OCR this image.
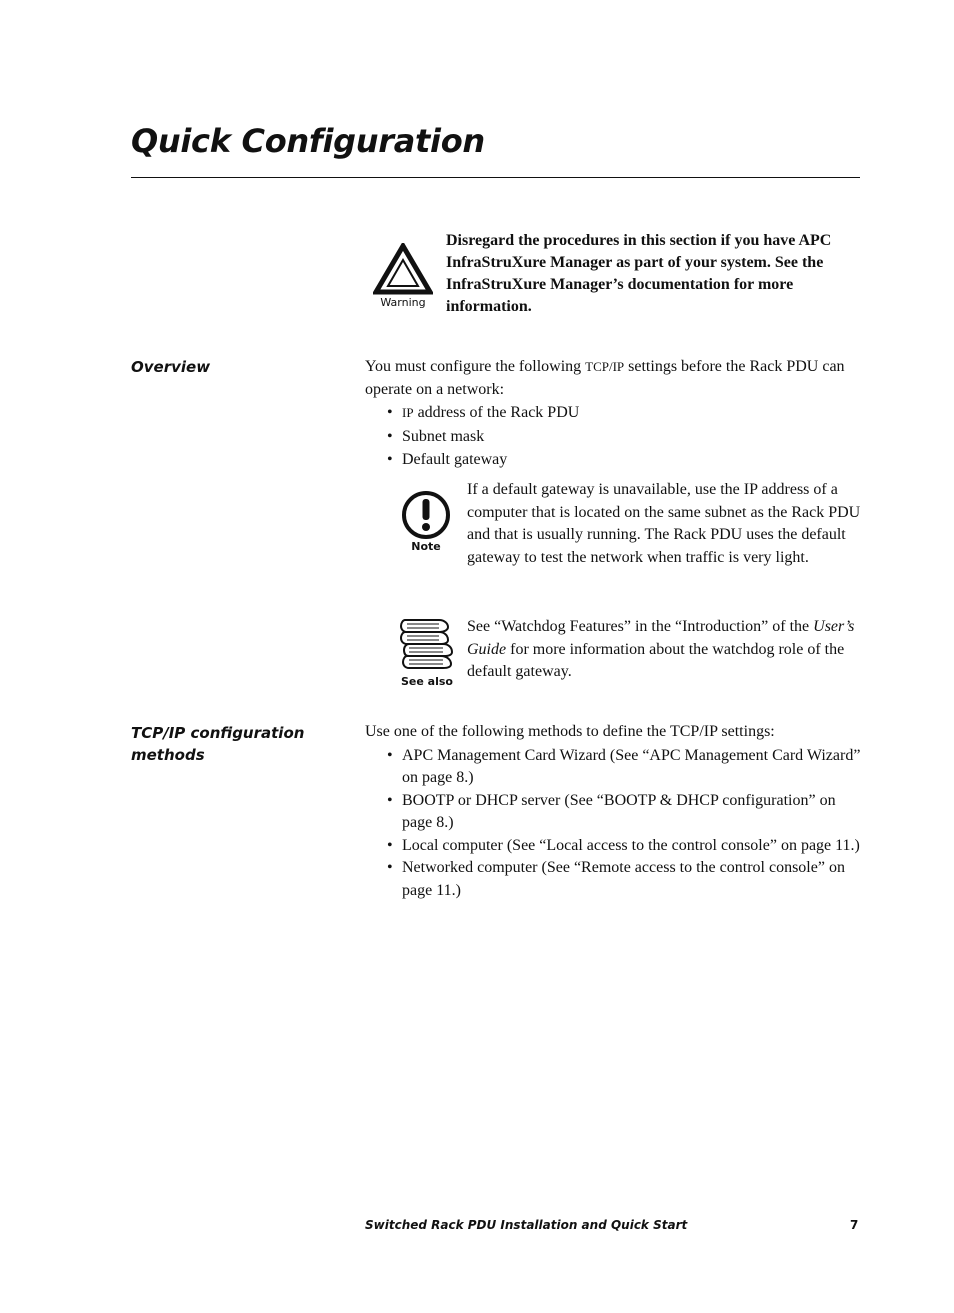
Quick Configuration
Warning
Disregard the procedures in this section if you have APC InfraStruXure Manager as part of your system. See the InfraStruXure Manager’s documentation for more information.
Overview	You must configure the following TCP/IP settings before the Rack PDU can operate on a network:
• IP address of the Rack PDU
• Subnet mask
• Default gateway
Note
If a default gateway is unavailable, use the IP address of a computer that is located on the same subnet as the Rack PDU and that is usually running. The Rack PDU uses the default gateway to test the network when traffic is very light.
See also
See “Watchdog Features” in the “Introduction” of the User’s Guide for more information about the watchdog role of the default gateway.
TCP/IP configuration methods
Use one of the following methods to define the TCP/IP settings:
• APC Management Card Wizard (See “APC Management Card Wizard” on page 8.)
• BOOTP or DHCP server (See “BOOTP & DHCP configuration” on page 8.)
• Local computer (See “Local access to the control console” on page 11.)
• Networked computer (See “Remote access to the control console” on page 11.)
Switched Rack PDU Installation and Quick Start	7
